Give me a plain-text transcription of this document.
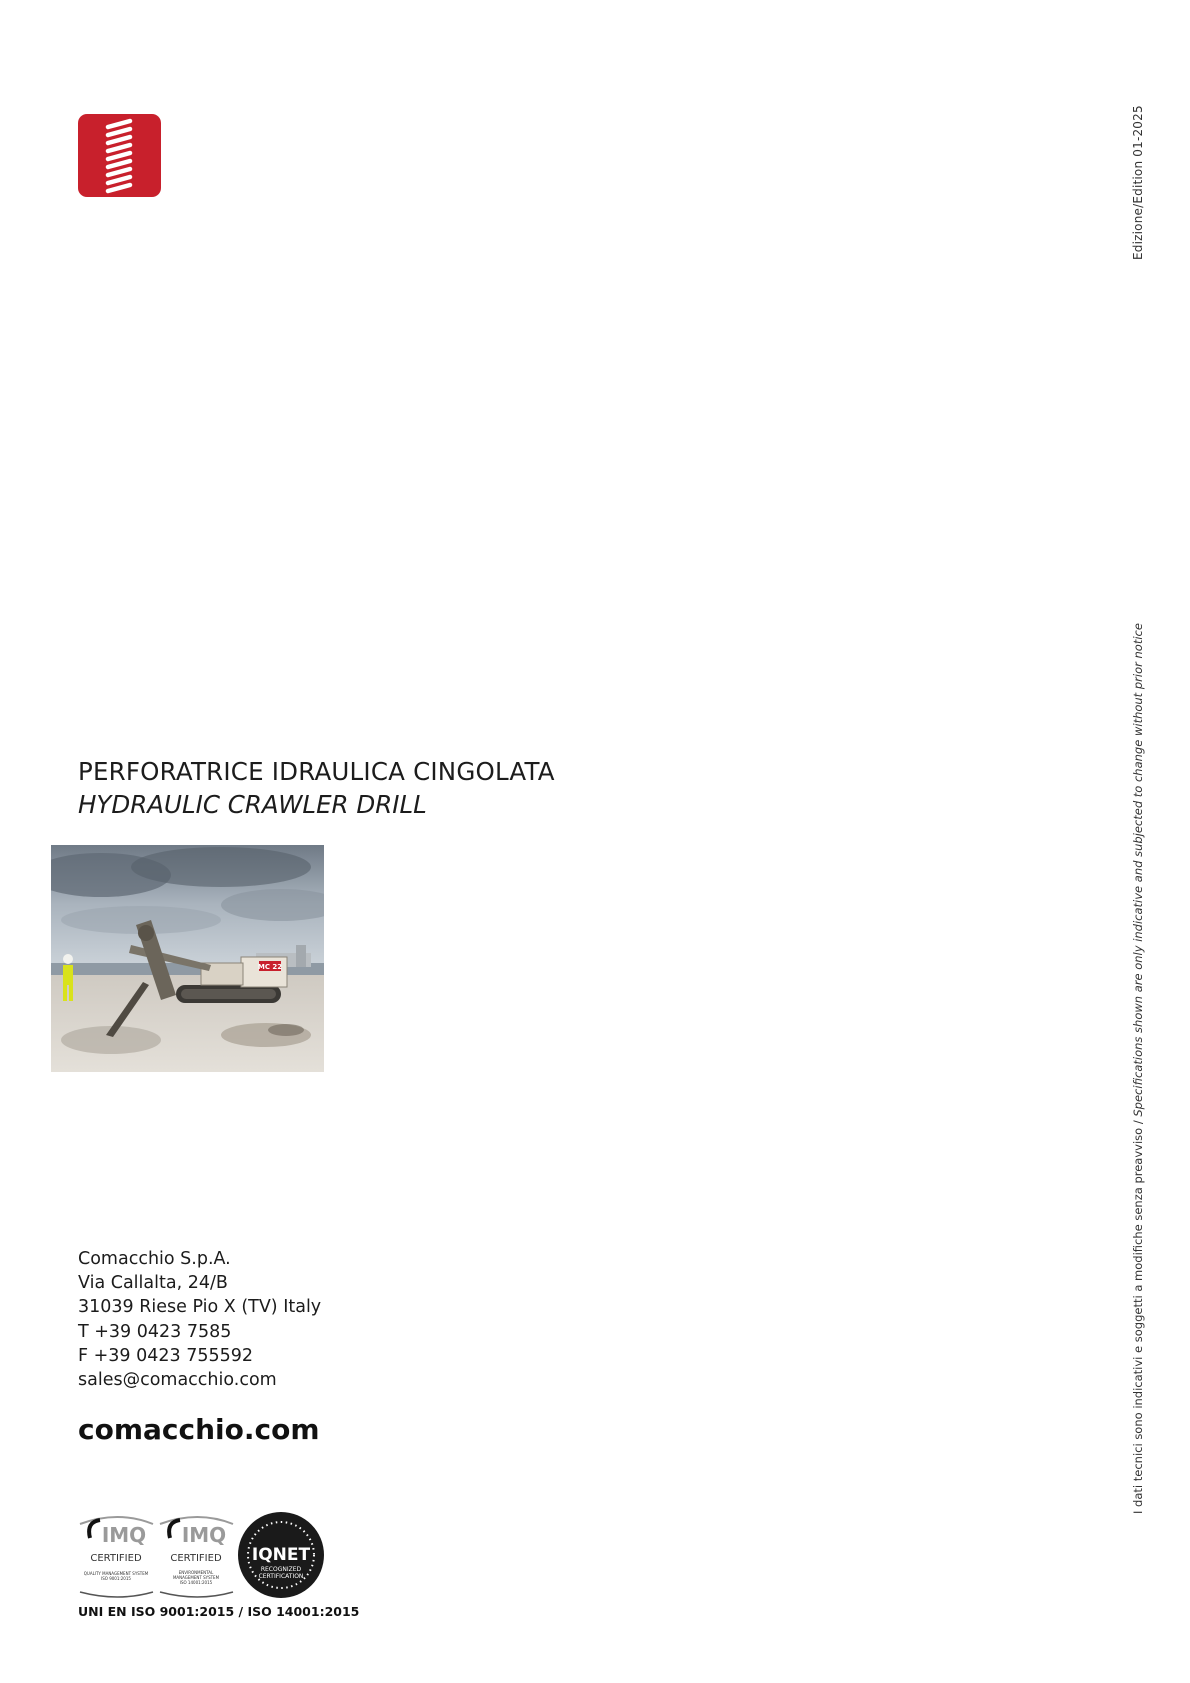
Edizione/Edition 01-2025
I dati tecnici sono indicativi e soggetti a modifiche senza preavviso / Specifications shown are only indicative and subjected to change without prior notice
PERFORATRICE IDRAULICA CINGOLATA
HYDRAULIC CRAWLER DRILL
MC 22
Comacchio S.p.A.
Via Callalta, 24/B
31039 Riese Pio X (TV) Italy
T +39 0423 7585
F +39 0423 755592
sales@comacchio.com
comacchio.com
IMQ
CERTIFIED
QUALITY MANAGEMENT SYSTEM
ISO 9001:2015
IMQ
CERTIFIED
ENVIRONMENTAL
MANAGEMENT SYSTEM
ISO 14001:2015
IQNET
RECOGNIZED
CERTIFICATION
UNI EN ISO 9001:2015 / ISO 14001:2015
